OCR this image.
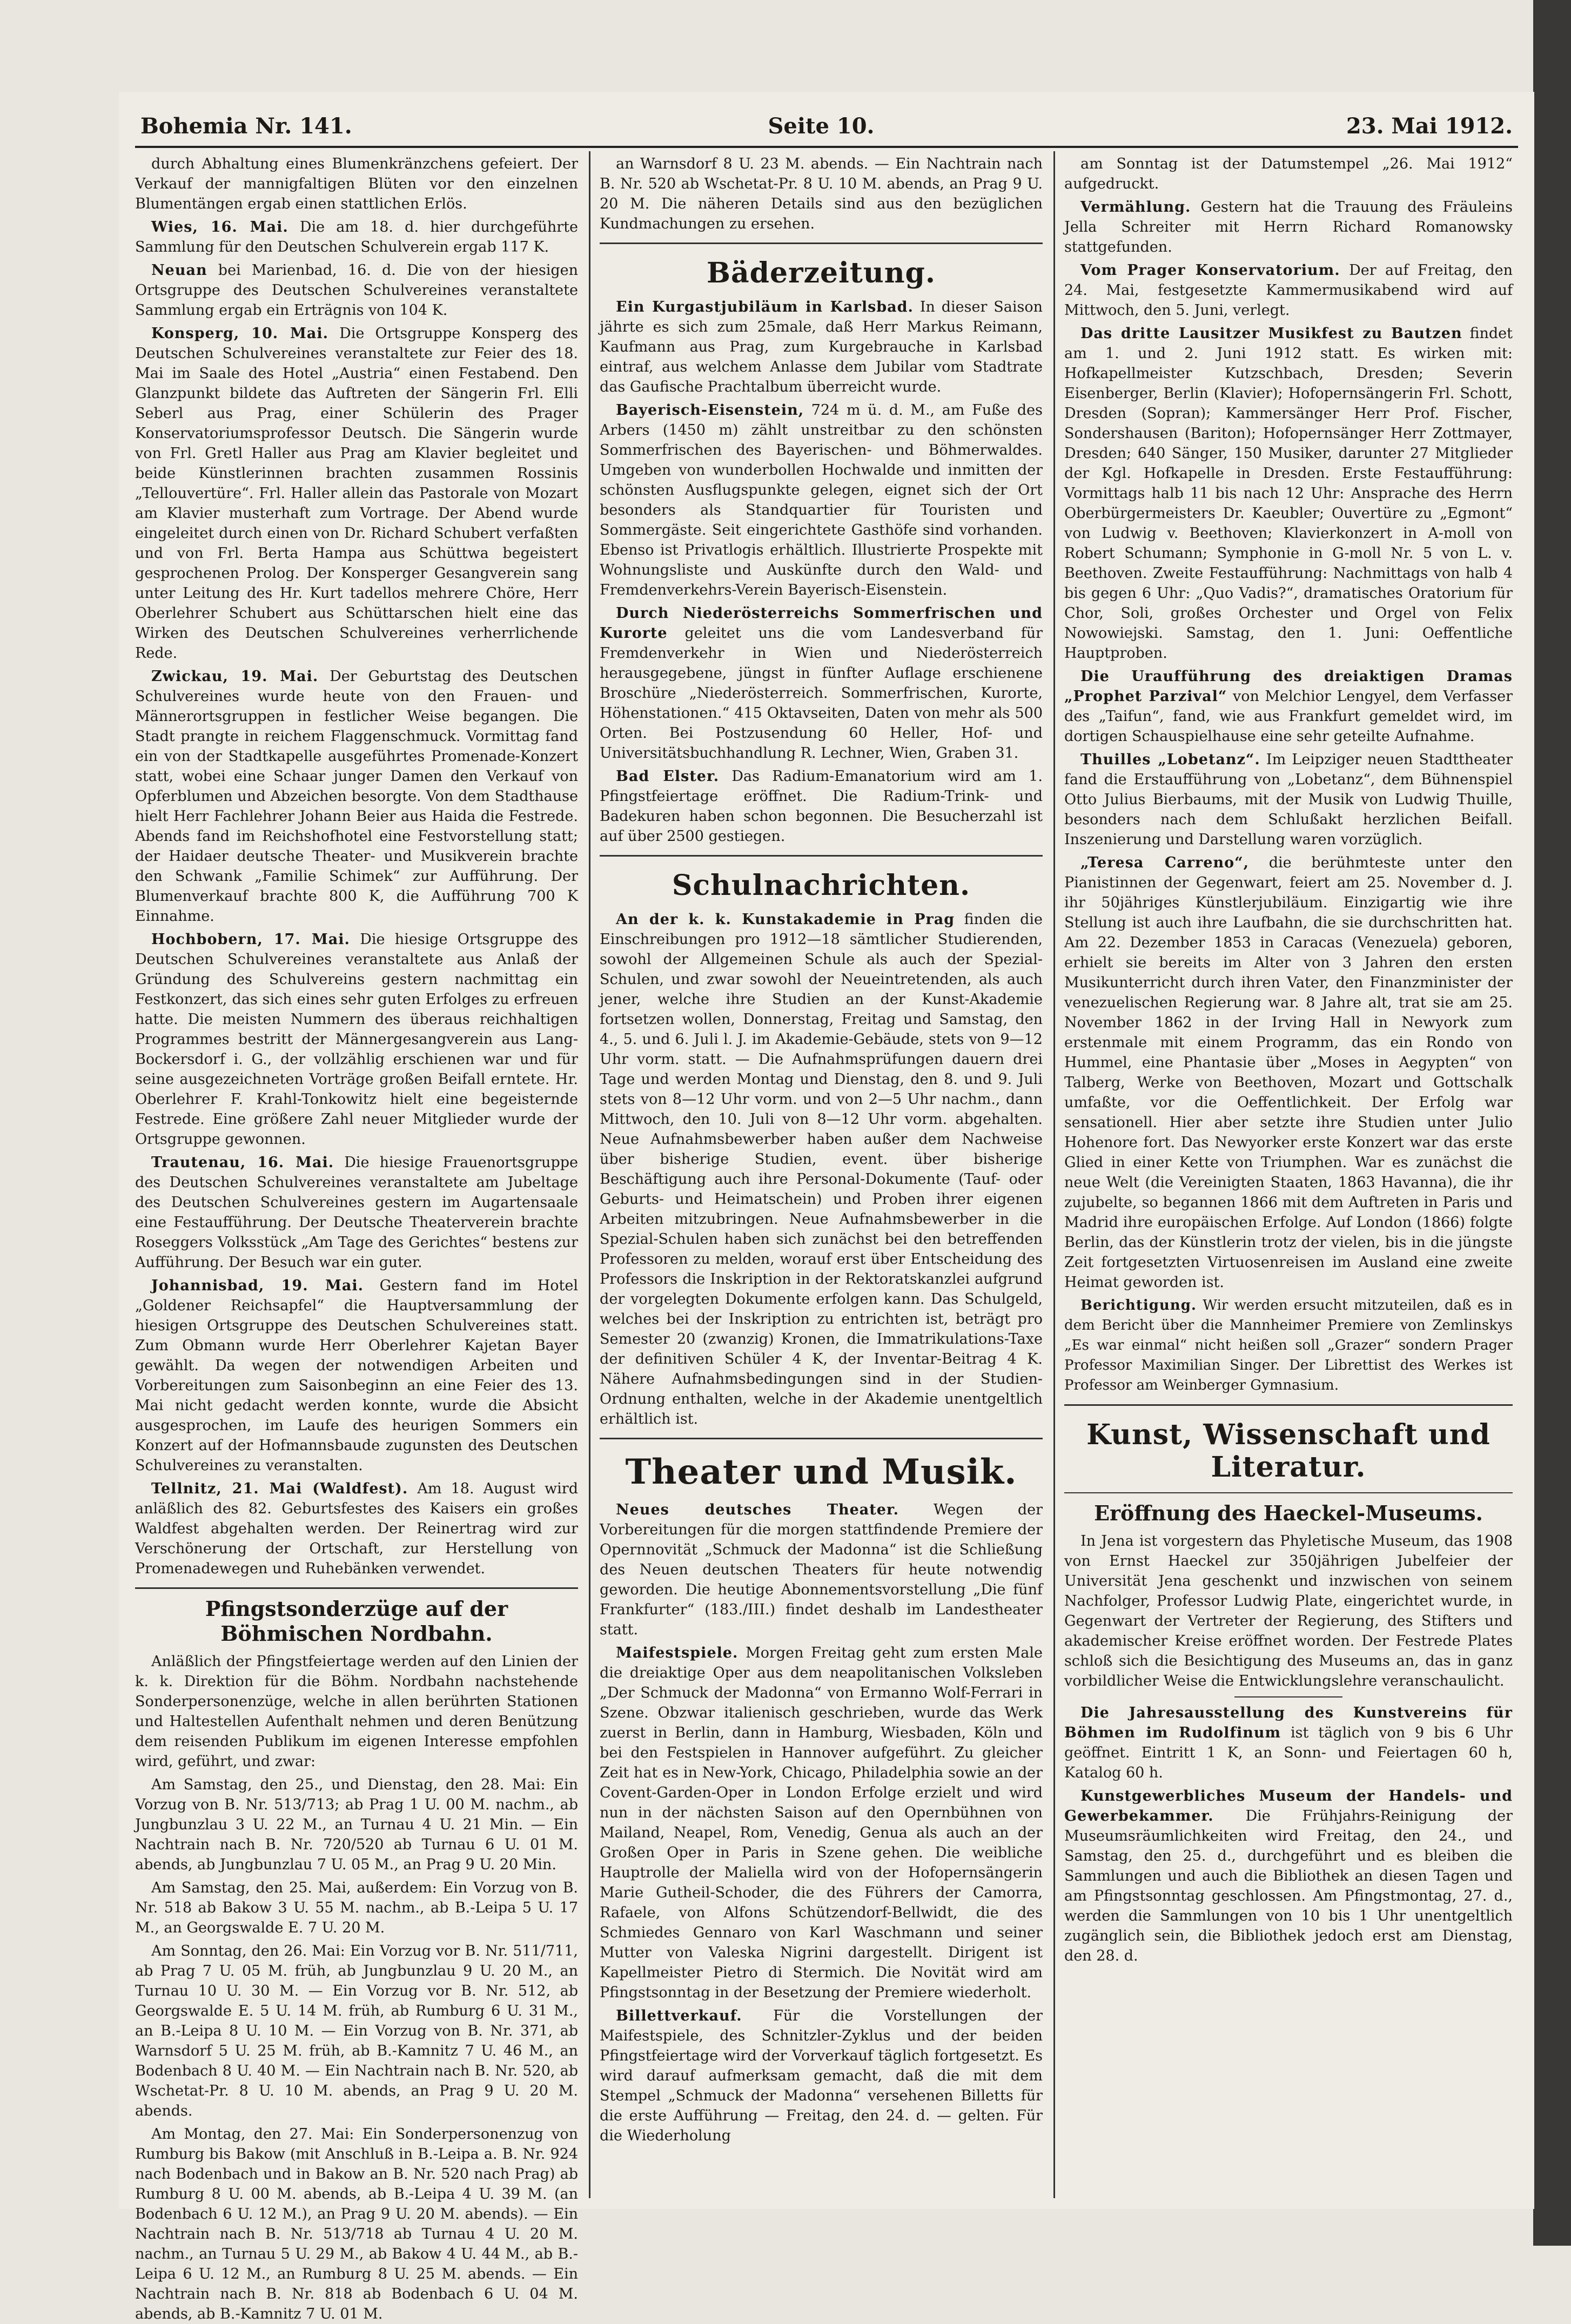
Bohemia Nr. 141.	Seite 10.	23. Mai 1912.

durch Abhaltung eines Blumenkränzchens gefeiert. Der Verkauf der mannigfaltigen Blüten vor den einzelnen Blumentängen ergab einen stattlichen Erlös.

Wies, 16. Mai. Die am 18. d. hier durchgeführte Sammlung für den Deutschen Schulverein ergab 117 K.

Neuan bei Marienbad, 16. d. Die von der hiesigen Ortsgruppe des Deutschen Schulvereines veranstaltete Sammlung ergab ein Erträgnis von 104 K.

Konsperg, 10. Mai. Die Ortsgruppe Konsperg des Deutschen Schulvereines veranstaltete zur Feier des 18. Mai im Saale des Hotel „Austria“ einen Festabend. Den Glanzpunkt bildete das Auftreten der Sängerin Frl. Elli Seberl aus Prag, einer Schülerin des Prager Konservatoriumsprofessor Deutsch. Die Sängerin wurde von Frl. Gretl Haller aus Prag am Klavier begleitet und beide Künstlerinnen brachten zusammen Rossinis „Tellouvertüre“. Frl. Haller allein das Pastorale von Mozart am Klavier musterhaft zum Vortrage. Der Abend wurde eingeleitet durch einen von Dr. Richard Schubert verfaßten und von Frl. Berta Hampa aus Schüttwa begeistert gesprochenen Prolog. Der Konsperger Gesangverein sang unter Leitung des Hr. Kurt tadellos mehrere Chöre, Herr Oberlehrer Schubert aus Schüttarschen hielt eine das Wirken des Deutschen Schulvereines verherrlichende Rede.

Zwickau, 19. Mai. Der Geburtstag des Deutschen Schulvereines wurde heute von den Frauen- und Männerortsgruppen in festlicher Weise begangen. Die Stadt prangte in reichem Flaggenschmuck. Vormittag fand ein von der Stadtkapelle ausgeführtes Promenade-Konzert statt, wobei eine Schaar junger Damen den Verkauf von Opferblumen und Abzeichen besorgte. Von dem Stadthause hielt Herr Fachlehrer Johann Beier aus Haida die Festrede. Abends fand im Reichshofhotel eine Festvorstellung statt; der Haidaer deutsche Theater- und Musikverein brachte den Schwank „Familie Schimek“ zur Aufführung. Der Blumenverkauf brachte 800 K, die Aufführung 700 K Einnahme.

Hochbobern, 17. Mai. Die hiesige Ortsgruppe des Deutschen Schulvereines veranstaltete aus Anlaß der Gründung des Schulvereins gestern nachmittag ein Festkonzert, das sich eines sehr guten Erfolges zu erfreuen hatte. Die meisten Nummern des überaus reichhaltigen Programmes bestritt der Männergesangverein aus Lang-Bockersdorf i. G., der vollzählig erschienen war und für seine ausgezeichneten Vorträge großen Beifall erntete. Hr. Oberlehrer F. Krahl-Tonkowitz hielt eine begeisternde Festrede. Eine größere Zahl neuer Mitglieder wurde der Ortsgruppe gewonnen.

Trautenau, 16. Mai. Die hiesige Frauenortsgruppe des Deutschen Schulvereines veranstaltete am Jubeltage des Deutschen Schulvereines gestern im Augartensaale eine Festaufführung. Der Deutsche Theaterverein brachte Roseggers Volksstück „Am Tage des Gerichtes“ bestens zur Aufführung. Der Besuch war ein guter.

Johannisbad, 19. Mai. Gestern fand im Hotel „Goldener Reichsapfel“ die Hauptversammlung der hiesigen Ortsgruppe des Deutschen Schulvereines statt. Zum Obmann wurde Herr Oberlehrer Kajetan Bayer gewählt. Da wegen der notwendigen Arbeiten und Vorbereitungen zum Saisonbeginn an eine Feier des 13. Mai nicht gedacht werden konnte, wurde die Absicht ausgesprochen, im Laufe des heurigen Sommers ein Konzert auf der Hofmannsbaude zugunsten des Deutschen Schulvereines zu veranstalten.

Tellnitz, 21. Mai (Waldfest). Am 18. August wird anläßlich des 82. Geburtsfestes des Kaisers ein großes Waldfest abgehalten werden. Der Reinertrag wird zur Verschönerung der Ortschaft, zur Herstellung von Promenadewegen und Ruhebänken verwendet.

Pfingstsonderzüge auf der Böhmischen Nordbahn.

Anläßlich der Pfingstfeiertage werden auf den Linien der k. k. Direktion für die Böhm. Nordbahn nachstehende Sonderpersonenzüge, welche in allen berührten Stationen und Haltestellen Aufenthalt nehmen und deren Benützung dem reisenden Publikum im eigenen Interesse empfohlen wird, geführt, und zwar:

Am Samstag, den 25., und Dienstag, den 28. Mai: Ein Vorzug von B. Nr. 513/713; ab Prag 1 U. 00 M. nachm., ab Jungbunzlau 3 U. 22 M., an Turnau 4 U. 21 Min. — Ein Nachtrain nach B. Nr. 720/520 ab Turnau 6 U. 01 M. abends, ab Jungbunzlau 7 U. 05 M., an Prag 9 U. 20 Min.

Am Samstag, den 25. Mai, außerdem: Ein Vorzug von B. Nr. 518 ab Bakow 3 U. 55 M. nachm., ab B.-Leipa 5 U. 17 M., an Georgswalde E. 7 U. 20 M.

Am Sonntag, den 26. Mai: Ein Vorzug vor B. Nr. 511/711, ab Prag 7 U. 05 M. früh, ab Jungbunzlau 9 U. 20 M., an Turnau 10 U. 30 M. — Ein Vorzug vor B. Nr. 512, ab Georgswalde E. 5 U. 14 M. früh, ab Rumburg 6 U. 31 M., an B.-Leipa 8 U. 10 M. — Ein Vorzug von B. Nr. 371, ab Warnsdorf 5 U. 25 M. früh, ab B.-Kamnitz 7 U. 46 M., an Bodenbach 8 U. 40 M. — Ein Nachtrain nach B. Nr. 520, ab Wschetat-Pr. 8 U. 10 M. abends, an Prag 9 U. 20 M. abends.

Am Montag, den 27. Mai: Ein Sonderpersonenzug von Rumburg bis Bakow (mit Anschluß in B.-Leipa a. B. Nr. 924 nach Bodenbach und in Bakow an B. Nr. 520 nach Prag) ab Rumburg 8 U. 00 M. abends, ab B.-Leipa 4 U. 39 M. (an Bodenbach 6 U. 12 M.), an Prag 9 U. 20 M. abends). — Ein Nachtrain nach B. Nr. 513/718 ab Turnau 4 U. 20 M. nachm., an Turnau 5 U. 29 M., ab Bakow 4 U. 44 M., ab B.-Leipa 6 U. 12 M., an Rumburg 8 U. 25 M. abends. — Ein Nachtrain nach B. Nr. 818 ab Bodenbach 6 U. 04 M. abends, ab B.-Kamnitz 7 U. 01 M.

an Warnsdorf 8 U. 23 M. abends. — Ein Nachtrain nach B. Nr. 520 ab Wschetat-Pr. 8 U. 10 M. abends, an Prag 9 U. 20 M. Die näheren Details sind aus den bezüglichen Kundmachungen zu ersehen.

Bäderzeitung.

Ein Kurgastjubiläum in Karlsbad. In dieser Saison jährte es sich zum 25male, daß Herr Markus Reimann, Kaufmann aus Prag, zum Kurgebrauche in Karlsbad eintraf, aus welchem Anlasse dem Jubilar vom Stadtrate das Gaufische Prachtalbum überreicht wurde.

Bayerisch-Eisenstein, 724 m ü. d. M., am Fuße des Arbers (1450 m) zählt unstreitbar zu den schönsten Sommerfrischen des Bayerischen- und Böhmerwaldes. Umgeben von wunderbollen Hochwalde und inmitten der schönsten Ausflugspunkte gelegen, eignet sich der Ort besonders als Standquartier für Touristen und Sommergäste. Seit eingerichtete Gasthöfe sind vorhanden. Ebenso ist Privatlogis erhältlich. Illustrierte Prospekte mit Wohnungsliste und Auskünfte durch den Wald- und Fremdenverkehrs-Verein Bayerisch-Eisenstein.

Durch Niederösterreichs Sommerfrischen und Kurorte geleitet uns die vom Landesverband für Fremdenverkehr in Wien und Niederösterreich herausgegebene, jüngst in fünfter Auflage erschienene Broschüre „Niederösterreich. Sommerfrischen, Kurorte, Höhenstationen.“ 415 Oktavseiten, Daten von mehr als 500 Orten. Bei Postzusendung 60 Heller, Hof- und Universitätsbuchhandlung R. Lechner, Wien, Graben 31.

Bad Elster. Das Radium-Emanatorium wird am 1. Pfingstfeiertage eröffnet. Die Radium-Trink- und Badekuren haben schon begonnen. Die Besucherzahl ist auf über 2500 gestiegen.

Schulnachrichten.

An der k. k. Kunstakademie in Prag finden die Einschreibungen pro 1912—18 sämtlicher Studierenden, sowohl der Allgemeinen Schule als auch der Spezial-Schulen, und zwar sowohl der Neueintretenden, als auch jener, welche ihre Studien an der Kunst-Akademie fortsetzen wollen, Donnerstag, Freitag und Samstag, den 4., 5. und 6. Juli l. J. im Akademie-Gebäude, stets von 9—12 Uhr vorm. statt. — Die Aufnahmsprüfungen dauern drei Tage und werden Montag und Dienstag, den 8. und 9. Juli stets von 8—12 Uhr vorm. und von 2—5 Uhr nachm., dann Mittwoch, den 10. Juli von 8—12 Uhr vorm. abgehalten. Neue Aufnahmsbewerber haben außer dem Nachweise über bisherige Studien, event. über bisherige Beschäftigung auch ihre Personal-Dokumente (Tauf- oder Geburts- und Heimatschein) und Proben ihrer eigenen Arbeiten mitzubringen. Neue Aufnahmsbewerber in die Spezial-Schulen haben sich zunächst bei den betreffenden Professoren zu melden, worauf erst über Entscheidung des Professors die Inskription in der Rektoratskanzlei aufgrund der vorgelegten Dokumente erfolgen kann. Das Schulgeld, welches bei der Inskription zu entrichten ist, beträgt pro Semester 20 (zwanzig) Kronen, die Immatrikulations-Taxe der definitiven Schüler 4 K, der Inventar-Beitrag 4 K. Nähere Aufnahmsbedingungen sind in der Studien-Ordnung enthalten, welche in der Akademie unentgeltlich erhältlich ist.

Theater und Musik.

Neues deutsches Theater. Wegen der Vorbereitungen für die morgen stattfindende Premiere der Opernnovität „Schmuck der Madonna“ ist die Schließung des Neuen deutschen Theaters für heute notwendig geworden. Die heutige Abonnementsvorstellung „Die fünf Frankfurter“ (183./III.) findet deshalb im Landestheater statt.

Maifestspiele. Morgen Freitag geht zum ersten Male die dreiaktige Oper aus dem neapolitanischen Volksleben „Der Schmuck der Madonna“ von Ermanno Wolf-Ferrari in Szene. Obzwar italienisch geschrieben, wurde das Werk zuerst in Berlin, dann in Hamburg, Wiesbaden, Köln und bei den Festspielen in Hannover aufgeführt. Zu gleicher Zeit hat es in New-York, Chicago, Philadelphia sowie an der Covent-Garden-Oper in London Erfolge erzielt und wird nun in der nächsten Saison auf den Opernbühnen von Mailand, Neapel, Rom, Venedig, Genua als auch an der Großen Oper in Paris in Szene gehen. Die weibliche Hauptrolle der Maliella wird von der Hofopernsängerin Marie Gutheil-Schoder, die des Führers der Camorra, Rafaele, von Alfons Schützendorf-Bellwidt, die des Schmiedes Gennaro von Karl Waschmann und seiner Mutter von Valeska Nigrini dargestellt. Dirigent ist Kapellmeister Pietro di Stermich. Die Novität wird am Pfingstsonntag in der Besetzung der Premiere wiederholt.

Billettverkauf. Für die Vorstellungen der Maifestspiele, des Schnitzler-Zyklus und der beiden Pfingstfeiertage wird der Vorverkauf täglich fortgesetzt. Es wird darauf aufmerksam gemacht, daß die mit dem Stempel „Schmuck der Madonna“ versehenen Billetts für die erste Aufführung — Freitag, den 24. d. — gelten. Für die Wiederholung

am Sonntag ist der Datumstempel „26. Mai 1912“ aufgedruckt.

Vermählung. Gestern hat die Trauung des Fräuleins Jella Schreiter mit Herrn Richard Romanowsky stattgefunden.

Vom Prager Konservatorium. Der auf Freitag, den 24. Mai, festgesetzte Kammermusikabend wird auf Mittwoch, den 5. Juni, verlegt.

Das dritte Lausitzer Musikfest zu Bautzen findet am 1. und 2. Juni 1912 statt. Es wirken mit: Hofkapellmeister Kutzschbach, Dresden; Severin Eisenberger, Berlin (Klavier); Hofopernsängerin Frl. Schott, Dresden (Sopran); Kammersänger Herr Prof. Fischer, Sondershausen (Bariton); Hofopernsänger Herr Zottmayer, Dresden; 640 Sänger, 150 Musiker, darunter 27 Mitglieder der Kgl. Hofkapelle in Dresden. Erste Festaufführung: Vormittags halb 11 bis nach 12 Uhr: Ansprache des Herrn Oberbürgermeisters Dr. Kaeubler; Ouvertüre zu „Egmont“ von Ludwig v. Beethoven; Klavierkonzert in A-moll von Robert Schumann; Symphonie in G-moll Nr. 5 von L. v. Beethoven. Zweite Festaufführung: Nachmittags von halb 4 bis gegen 6 Uhr: „Quo Vadis?“, dramatisches Oratorium für Chor, Soli, großes Orchester und Orgel von Felix Nowowiejski. Samstag, den 1. Juni: Oeffentliche Hauptproben.

Die Uraufführung des dreiaktigen Dramas „Prophet Parzival“ von Melchior Lengyel, dem Verfasser des „Taifun“, fand, wie aus Frankfurt gemeldet wird, im dortigen Schauspielhause eine sehr geteilte Aufnahme.

Thuilles „Lobetanz“. Im Leipziger neuen Stadttheater fand die Erstaufführung von „Lobetanz“, dem Bühnenspiel Otto Julius Bierbaums, mit der Musik von Ludwig Thuille, besonders nach dem Schlußakt herzlichen Beifall. Inszenierung und Darstellung waren vorzüglich.

„Teresa Carreno“, die berühmteste unter den Pianistinnen der Gegenwart, feiert am 25. November d. J. ihr 50jähriges Künstlerjubiläum. Einzigartig wie ihre Stellung ist auch ihre Laufbahn, die sie durchschritten hat. Am 22. Dezember 1853 in Caracas (Venezuela) geboren, erhielt sie bereits im Alter von 3 Jahren den ersten Musikunterricht durch ihren Vater, den Finanzminister der venezuelischen Regierung war. 8 Jahre alt, trat sie am 25. November 1862 in der Irving Hall in Newyork zum erstenmale mit einem Programm, das ein Rondo von Hummel, eine Phantasie über „Moses in Aegypten“ von Talberg, Werke von Beethoven, Mozart und Gottschalk umfaßte, vor die Oeffentlichkeit. Der Erfolg war sensationell. Hier aber setzte ihre Studien unter Julio Hohenore fort. Das Newyorker erste Konzert war das erste Glied in einer Kette von Triumphen. War es zunächst die neue Welt (die Vereinigten Staaten, 1863 Havanna), die ihr zujubelte, so begannen 1866 mit dem Auftreten in Paris und Madrid ihre europäischen Erfolge. Auf London (1866) folgte Berlin, das der Künstlerin trotz der vielen, bis in die jüngste Zeit fortgesetzten Virtuosenreisen im Ausland eine zweite Heimat geworden ist.

Berichtigung. Wir werden ersucht mitzuteilen, daß es in dem Bericht über die Mannheimer Premiere von Zemlinskys „Es war einmal“ nicht heißen soll „Grazer“ sondern Prager Professor Maximilian Singer. Der Librettist des Werkes ist Professor am Weinberger Gymnasium.

Kunst, Wissenschaft und Literatur.
Eröffnung des Haeckel-Museums.

In Jena ist vorgestern das Phyletische Museum, das 1908 von Ernst Haeckel zur 350jährigen Jubelfeier der Universität Jena geschenkt und inzwischen von seinem Nachfolger, Professor Ludwig Plate, eingerichtet wurde, in Gegenwart der Vertreter der Regierung, des Stifters und akademischer Kreise eröffnet worden. Der Festrede Plates schloß sich die Besichtigung des Museums an, das in ganz vorbildlicher Weise die Entwicklungslehre veranschaulicht.

Die Jahresausstellung des Kunstvereins für Böhmen im Rudolfinum ist täglich von 9 bis 6 Uhr geöffnet. Eintritt 1 K, an Sonn- und Feiertagen 60 h, Katalog 60 h.

Kunstgewerbliches Museum der Handels- und Gewerbekammer. Die Frühjahrs-Reinigung der Museumsräumlichkeiten wird Freitag, den 24., und Samstag, den 25. d., durchgeführt und es bleiben die Sammlungen und auch die Bibliothek an diesen Tagen und am Pfingstsonntag geschlossen. Am Pfingstmontag, 27. d., werden die Sammlungen von 10 bis 1 Uhr unentgeltlich zugänglich sein, die Bibliothek jedoch erst am Dienstag, den 28. d.
